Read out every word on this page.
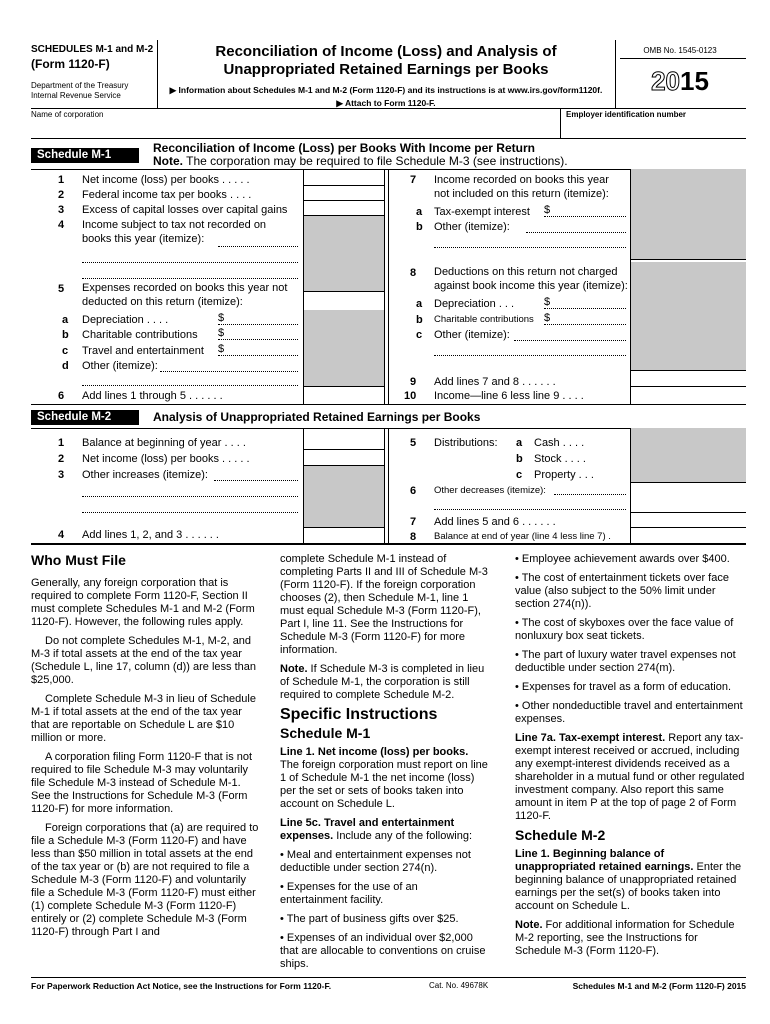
SCHEDULES M-1 and M-2
(Form 1120-F)
Department of the Treasury
Internal Revenue Service
Reconciliation of Income (Loss) and Analysis of
Unappropriated Retained Earnings per Books
▶ Information about Schedules M-1 and M-2 (Form 1120-F) and its instructions is at www.irs.gov/form1120f.
▶ Attach to Form 1120-F.
OMB No. 1545-0123
2015
Name of corporation	Employer identification number
Schedule M-1	Reconciliation of Income (Loss) per Books With Income per Return
Note. The corporation may be required to file Schedule M-3 (see instructions).
1 Net income (loss) per books . . . . .
2 Federal income tax per books . . . .
3 Excess of capital losses over capital gains
4 Income subject to tax not recorded on
books this year (itemize):
5 Expenses recorded on books this year not
deducted on this return (itemize):
a Depreciation . . . .	$
b Charitable contributions $
c Travel and entertainment $
d Other (itemize):
6 Add lines 1 through 5 . . . . . .
7 Income recorded on books this year
not included on this return (itemize):
a Tax-exempt interest $
b Other (itemize):
8 Deductions on this return not charged
against book income this year (itemize):
a Depreciation . . .	$
b Charitable contributions $
c Other (itemize):
9 Add lines 7 and 8 . . . . . .
10 Income—line 6 less line 9 . . . .
Schedule M-2	Analysis of Unappropriated Retained Earnings per Books
1 Balance at beginning of year . . . .
2 Net income (loss) per books . . . . .
3 Other increases (itemize):
4 Add lines 1, 2, and 3 . . . . . .
5 Distributions: a Cash . . . .
b Stock . . . .
c Property . . .
6 Other decreases (itemize):
7 Add lines 5 and 6 . . . . . .
8 Balance at end of year (line 4 less line 7) .
Who Must File

Generally, any foreign corporation that is required to complete Form 1120-F, Section II must complete Schedules M-1 and M-2 (Form 1120-F). However, the following rules apply.

Do not complete Schedules M-1, M-2, and M-3 if total assets at the end of the tax year (Schedule L, line 17, column (d)) are less than $25,000.

Complete Schedule M-3 in lieu of Schedule M-1 if total assets at the end of the tax year that are reportable on Schedule L are $10 million or more.

A corporation filing Form 1120-F that is not required to file Schedule M-3 may voluntarily file Schedule M-3 instead of Schedule M-1. See the Instructions for Schedule M-3 (Form 1120-F) for more information.

Foreign corporations that (a) are required to file a Schedule M-3 (Form 1120-F) and have less than $50 million in total assets at the end of the tax year or (b) are not required to file a Schedule M-3 (Form 1120-F) and voluntarily file a Schedule M-3 (Form 1120-F) must either (1) complete Schedule M-3 (Form 1120-F) entirely or (2) complete Schedule M-3 (Form 1120-F) through Part I and

complete Schedule M-1 instead of completing Parts II and III of Schedule M-3 (Form 1120-F). If the foreign corporation chooses (2), then Schedule M-1, line 1 must equal Schedule M-3 (Form 1120-F), Part I, line 11. See the Instructions for Schedule M-3 (Form 1120-F) for more information.

Note. If Schedule M-3 is completed in lieu of Schedule M-1, the corporation is still required to complete Schedule M-2.

Specific Instructions
Schedule M-1

Line 1. Net income (loss) per books. The foreign corporation must report on line 1 of Schedule M-1 the net income (loss) per the set or sets of books taken into account on Schedule L.

Line 5c. Travel and entertainment expenses. Include any of the following:

• Meal and entertainment expenses not deductible under section 274(n).

• Expenses for the use of an entertainment facility.

• The part of business gifts over $25.

• Expenses of an individual over $2,000 that are allocable to conventions on cruise ships.

• Employee achievement awards over $400.

• The cost of entertainment tickets over face value (also subject to the 50% limit under section 274(n)).

• The cost of skyboxes over the face value of nonluxury box seat tickets.

• The part of luxury water travel expenses not deductible under section 274(m).

• Expenses for travel as a form of education.

• Other nondeductible travel and entertainment expenses.

Line 7a. Tax-exempt interest. Report any tax-exempt interest received or accrued, including any exempt-interest dividends received as a shareholder in a mutual fund or other regulated investment company. Also report this same amount in item P at the top of page 2 of Form 1120-F.

Schedule M-2

Line 1. Beginning balance of unappropriated retained earnings. Enter the beginning balance of unappropriated retained earnings per the set(s) of books taken into account on Schedule L.

Note. For additional information for Schedule M-2 reporting, see the Instructions for Schedule M-3 (Form 1120-F).

For Paperwork Reduction Act Notice, see the Instructions for Form 1120-F.	Cat. No. 49678K	Schedules M-1 and M-2 (Form 1120-F) 2015
